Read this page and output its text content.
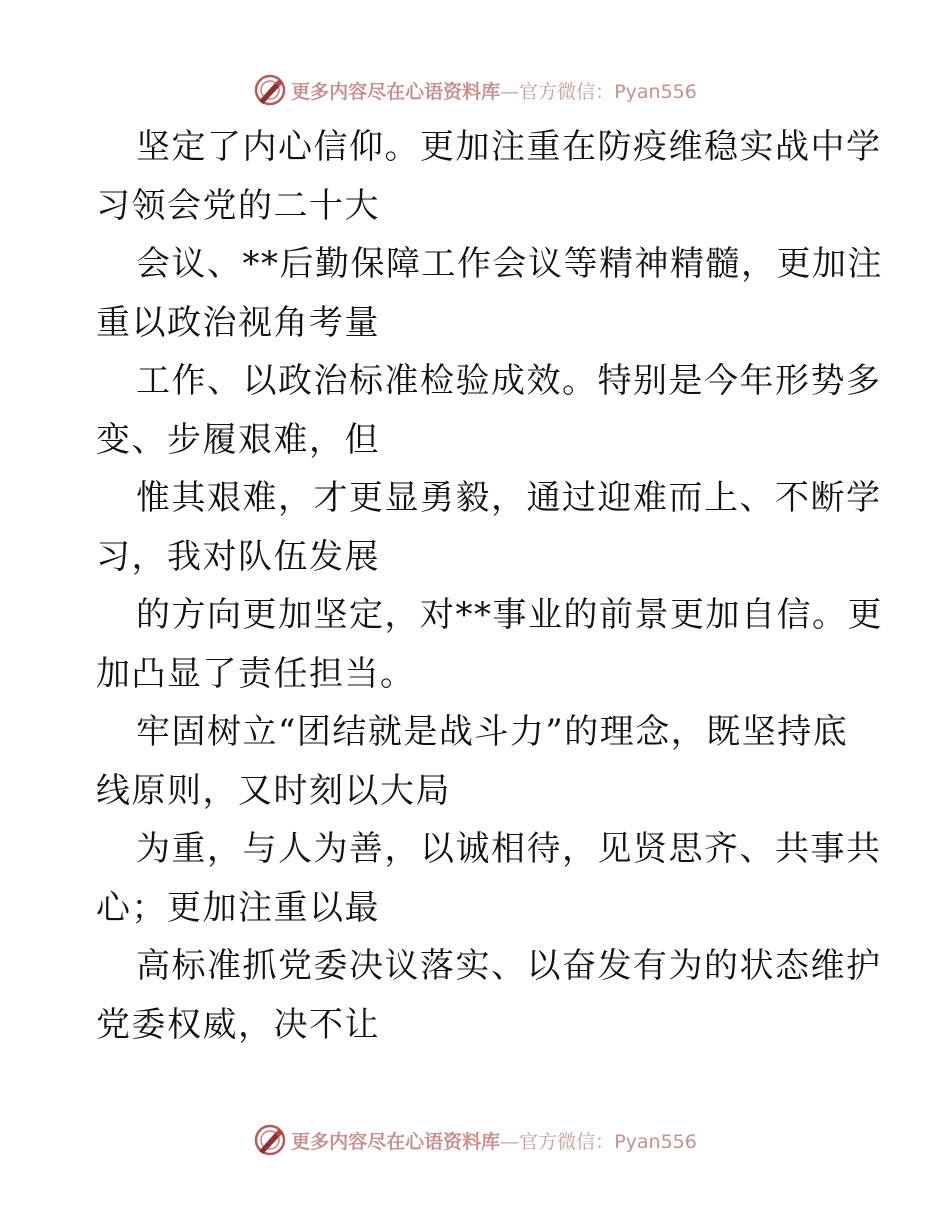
更多内容尽在心语资料库—官方微信：Pyan556

坚定了内心信仰。更加注重在防疫维稳实战中学
习领会党的二十大

会议、**后勤保障工作会议等精神精髓，更加注
重以政治视角考量

工作、以政治标准检验成效。特别是今年形势多
变、步履艰难，但

惟其艰难，才更显勇毅，通过迎难而上、不断学
习，我对队伍发展

的方向更加坚定，对**事业的前景更加自信。更
加凸显了责任担当。

牢固树立“团结就是战斗力”的理念，既坚持底
线原则，又时刻以大局

为重，与人为善，以诚相待，见贤思齐、共事共
心；更加注重以最

高标准抓党委决议落实、以奋发有为的状态维护
党委权威，决不让

更多内容尽在心语资料库—官方微信：Pyan556
